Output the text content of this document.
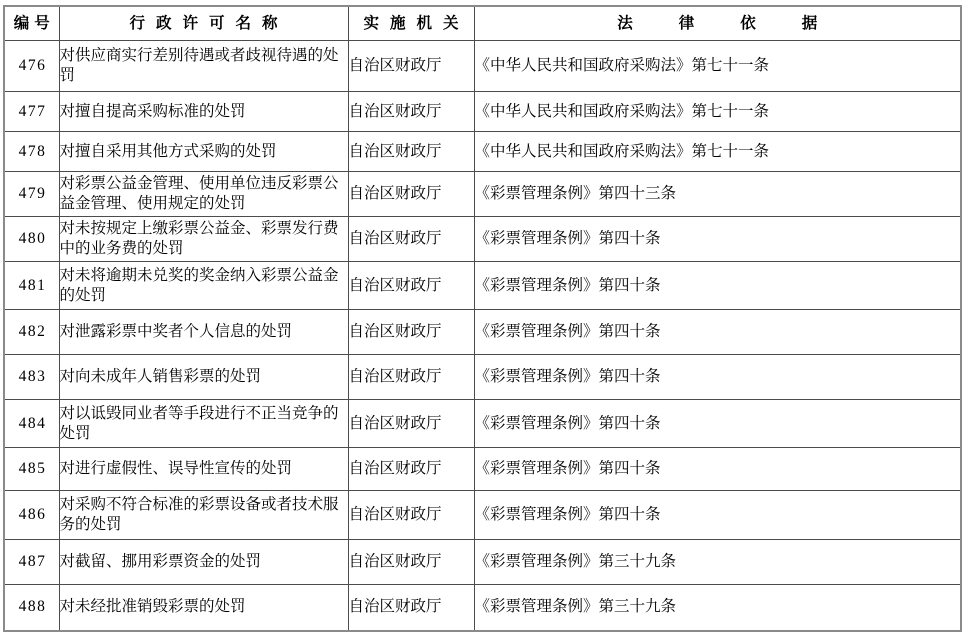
编号	行政许可名称	实施机关	法律依据
476	对供应商实行差别待遇或者歧视待遇的处罚	自治区财政厅	《中华人民共和国政府采购法》第七十一条
477	对擅自提高采购标准的处罚	自治区财政厅	《中华人民共和国政府采购法》第七十一条
478	对擅自采用其他方式采购的处罚	自治区财政厅	《中华人民共和国政府采购法》第七十一条
479	对彩票公益金管理、使用单位违反彩票公益金管理、使用规定的处罚	自治区财政厅	《彩票管理条例》第四十三条
480	对未按规定上缴彩票公益金、彩票发行费中的业务费的处罚	自治区财政厅	《彩票管理条例》第四十条
481	对未将逾期未兑奖的奖金纳入彩票公益金的处罚	自治区财政厅	《彩票管理条例》第四十条
482	对泄露彩票中奖者个人信息的处罚	自治区财政厅	《彩票管理条例》第四十条
483	对向未成年人销售彩票的处罚	自治区财政厅	《彩票管理条例》第四十条
484	对以诋毁同业者等手段进行不正当竞争的处罚	自治区财政厅	《彩票管理条例》第四十条
485	对进行虚假性、误导性宣传的处罚	自治区财政厅	《彩票管理条例》第四十条
486	对采购不符合标准的彩票设备或者技术服务的处罚	自治区财政厅	《彩票管理条例》第四十条
487	对截留、挪用彩票资金的处罚	自治区财政厅	《彩票管理条例》第三十九条
488	对未经批准销毁彩票的处罚	自治区财政厅	《彩票管理条例》第三十九条
